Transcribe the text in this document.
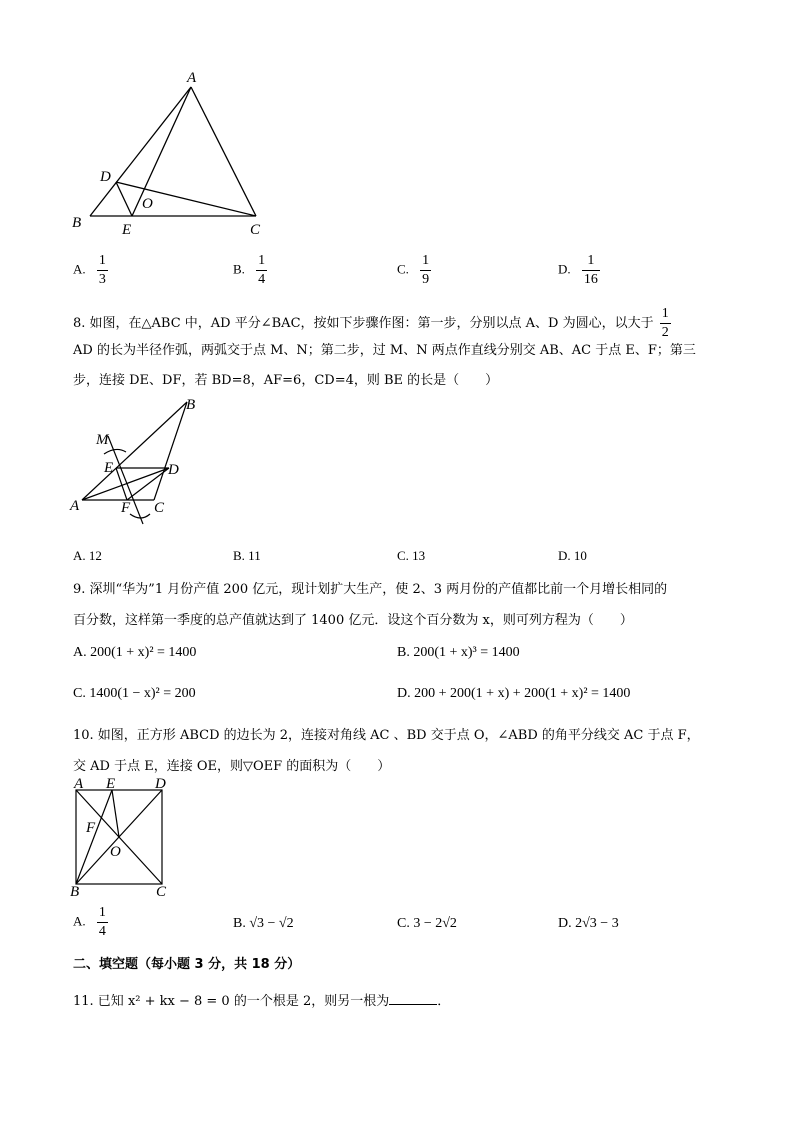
A
B	C
D
E
O
A. $\frac{1}{3}$	B. $\frac{1}{4}$	C. $\frac{1}{9}$	D. $\frac{1}{16}$
8. 如图，在△ABC 中，AD 平分∠BAC，按如下步骤作图：第一步，分别以点 A、D 为圆心，以大于 $\frac{1}{2}$
AD 的长为半径作弧，两弧交于点 M、N；第二步，过 M、N 两点作直线分别交 AB、AC 于点 E、F；第三
步，连接 DE、DF，若 BD=8，AF=6，CD=4，则 BE 的长是（　　）
M
E	D
B
A	F C
A. 12	B. 11	C. 13	D. 10
9. 深圳“华为”1 月份产值 200 亿元，现计划扩大生产，使 2、3 两月份的产值都比前一个月增长相同的
百分数，这样第一季度的总产值就达到了 1400 亿元．设这个百分数为 x，则可列方程为（　　）
A. 200(1 + x)² = 1400	B. 200(1 + x)³ = 1400
C. 1400(1 − x)² = 200	D. 200 + 200(1 + x) + 200(1 + x)² = 1400
10. 如图，正方形 ABCD 的边长为 2，连接对角线 AC 、BD 交于点 O，∠ABD 的角平分线交 AC 于点 F，
交 AD 于点 E，连接 OE，则▽OEF 的面积为（　　）
A E	D
F
O
B	C
A. $\frac{1}{4}$	B. √3 − √2	C. 3 − 2√2	D. 2√3 − 3
二、填空题（每小题 3 分，共 18 分）
11. 已知 x² + kx − 8 = 0 的一个根是 2，则另一根为	．
